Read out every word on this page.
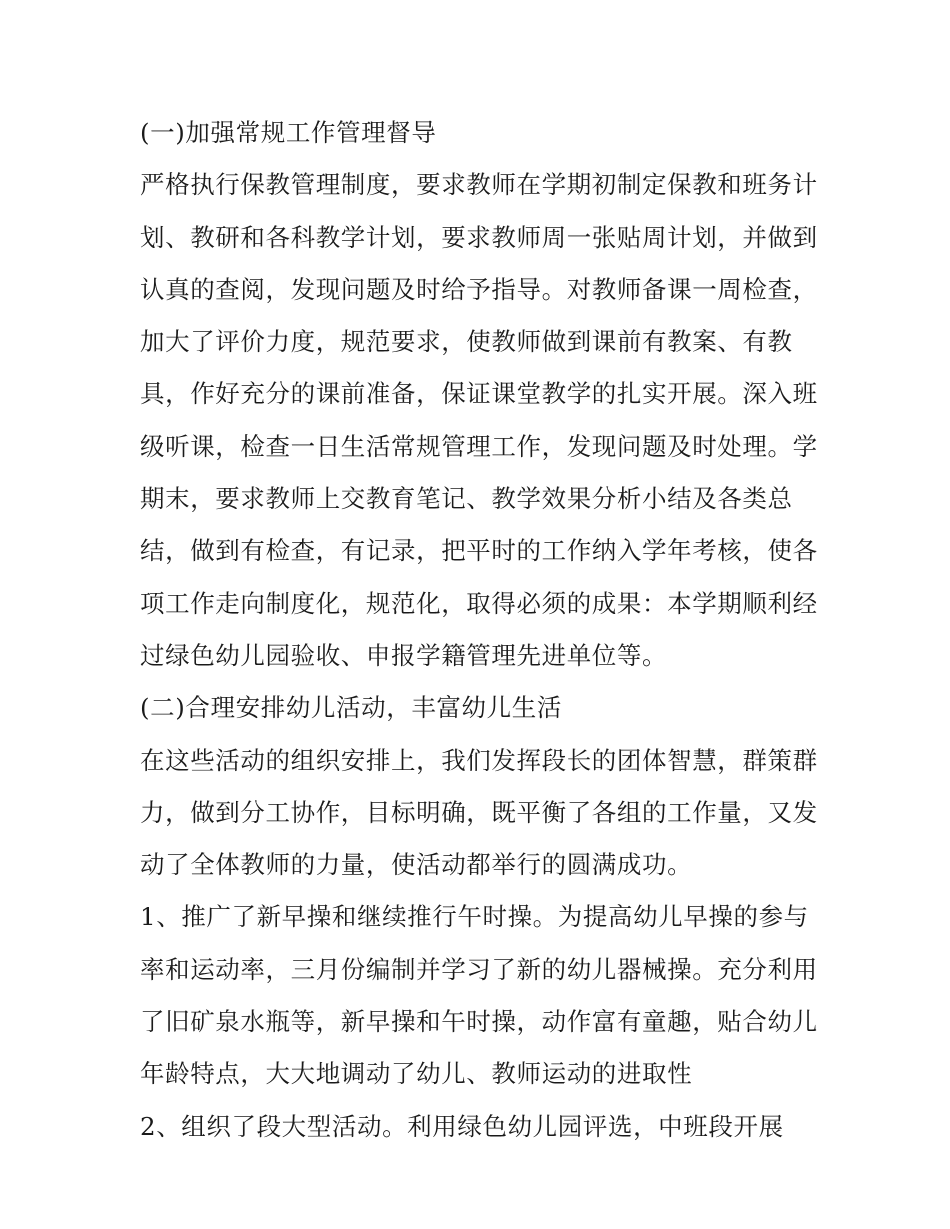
(一)加强常规工作管理督导
严格执行保教管理制度，要求教师在学期初制定保教和班务计
划、教研和各科教学计划，要求教师周一张贴周计划，并做到
认真的查阅，发现问题及时给予指导。对教师备课一周检查，
加大了评价力度，规范要求，使教师做到课前有教案、有教
具，作好充分的课前准备，保证课堂教学的扎实开展。深入班
级听课，检查一日生活常规管理工作，发现问题及时处理。学
期末，要求教师上交教育笔记、教学效果分析小结及各类总
结，做到有检查，有记录，把平时的工作纳入学年考核，使各
项工作走向制度化，规范化，取得必须的成果：本学期顺利经
过绿色幼儿园验收、申报学籍管理先进单位等。
(二)合理安排幼儿活动，丰富幼儿生活
在这些活动的组织安排上，我们发挥段长的团体智慧，群策群
力，做到分工协作，目标明确，既平衡了各组的工作量，又发
动了全体教师的力量，使活动都举行的圆满成功。
1、推广了新早操和继续推行午时操。为提高幼儿早操的参与
率和运动率，三月份编制并学习了新的幼儿器械操。充分利用
了旧矿泉水瓶等，新早操和午时操，动作富有童趣，贴合幼儿
年龄特点，大大地调动了幼儿、教师运动的进取性
2、组织了段大型活动。利用绿色幼儿园评选，中班段开展
